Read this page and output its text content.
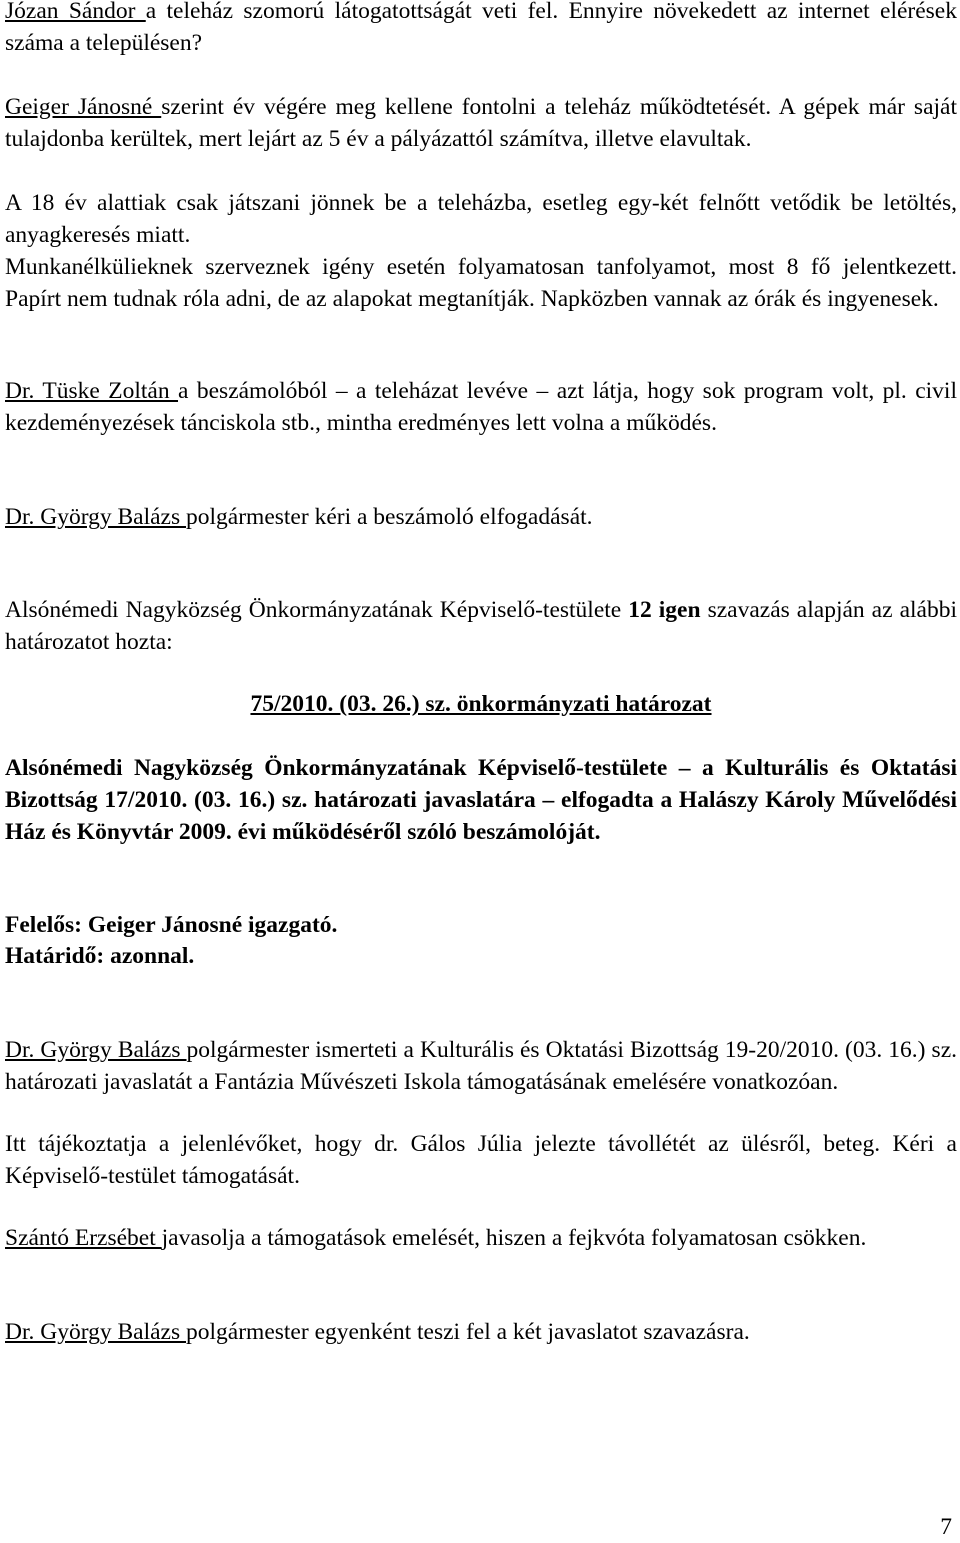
Józan Sándor a teleház szomorú látogatottságát veti fel. Ennyire növekedett az internet elérések száma a településen?

Geiger Jánosné szerint év végére meg kellene fontolni a teleház működtetését. A gépek már saját tulajdonba kerültek, mert lejárt az 5 év a pályázattól számítva, illetve elavultak.

A 18 év alattiak csak játszani jönnek be a teleházba, esetleg egy-két felnőtt vetődik be letöltés, anyagkeresés miatt.

Munkanélkülieknek szerveznek igény esetén folyamatosan tanfolyamot, most 8 fő jelentkezett. Papírt nem tudnak róla adni, de az alapokat megtanítják. Napközben vannak az órák és ingyenesek.

Dr. Tüske Zoltán a beszámolóból – a teleházat levéve – azt látja, hogy sok program volt, pl. civil kezdeményezések tánciskola stb., mintha eredményes lett volna a működés.

Dr. György Balázs polgármester kéri a beszámoló elfogadását.

Alsónémedi Nagyközség Önkormányzatának Képviselő-testülete 12 igen szavazás alapján az alábbi határozatot hozta:

75/2010. (03. 26.) sz. önkormányzati határozat

Alsónémedi Nagyközség Önkormányzatának Képviselő-testülete – a Kulturális és Oktatási Bizottság 17/2010. (03. 16.) sz. határozati javaslatára – elfogadta a Halászy Károly Művelődési Ház és Könyvtár 2009. évi működéséről szóló beszámolóját.

Felelős: Geiger Jánosné igazgató.

Határidő: azonnal.

Dr. György Balázs polgármester ismerteti a Kulturális és Oktatási Bizottság 19-20/2010. (03. 16.) sz. határozati javaslatát a Fantázia Művészeti Iskola támogatásának emelésére vonatkozóan.

Itt tájékoztatja a jelenlévőket, hogy dr. Gálos Júlia jelezte távollétét az ülésről, beteg. Kéri a Képviselő-testület támogatását.

Szántó Erzsébet javasolja a támogatások emelését, hiszen a fejkvóta folyamatosan csökken.

Dr. György Balázs polgármester egyenként teszi fel a két javaslatot szavazásra.

7
